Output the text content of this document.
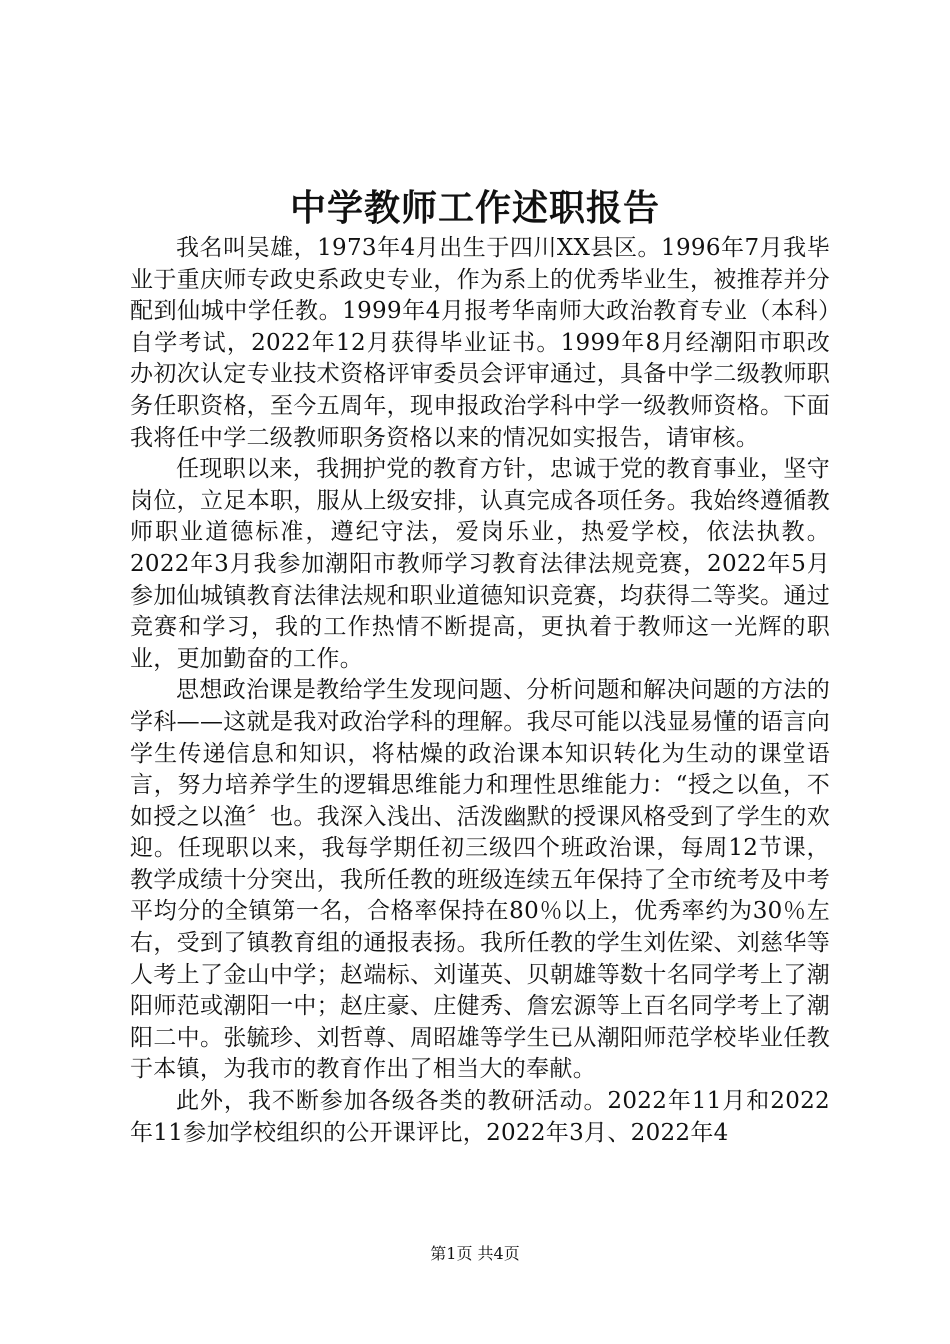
中学教师工作述职报告

我名叫吴雄，1973年4月出生于四川XX县区。1996年7月我毕业于重庆师专政史系政史专业，作为系上的优秀毕业生，被推荐并分配到仙城中学任教。1999年4月报考华南师大政治教育专业（本科）自学考试，2022年12月获得毕业证书。1999年8月经潮阳市职改办初次认定专业技术资格评审委员会评审通过，具备中学二级教师职务任职资格，至今五周年，现申报政治学科中学一级教师资格。下面我将任中学二级教师职务资格以来的情况如实报告，请审核。

任现职以来，我拥护党的教育方针，忠诚于党的教育事业，坚守岗位，立足本职，服从上级安排，认真完成各项任务。我始终遵循教师职业道德标准，遵纪守法，爱岗乐业，热爱学校，依法执教。2022年3月我参加潮阳市教师学习教育法律法规竞赛，2022年5月参加仙城镇教育法律法规和职业道德知识竞赛，均获得二等奖。通过竞赛和学习，我的工作热情不断提高，更执着于教师这一光辉的职业，更加勤奋的工作。

思想政治课是教给学生发现问题、分析问题和解决问题的方法的学科——这就是我对政治学科的理解。我尽可能以浅显易懂的语言向学生传递信息和知识，将枯燥的政治课本知识转化为生动的课堂语言，努力培养学生的逻辑思维能力和理性思维能力：“授之以鱼，不如授之以渔〞也。我深入浅出、活泼幽默的授课风格受到了学生的欢迎。任现职以来，我每学期任初三级四个班政治课，每周12节课，教学成绩十分突出，我所任教的班级连续五年保持了全市统考及中考平均分的全镇第一名，合格率保持在80％以上，优秀率约为30％左右，受到了镇教育组的通报表扬。我所任教的学生刘佐梁、刘慈华等人考上了金山中学；赵端标、刘谨英、贝朝雄等数十名同学考上了潮阳师范或潮阳一中；赵庄豪、庄健秀、詹宏源等上百名同学考上了潮阳二中。张毓珍、刘哲尊、周昭雄等学生已从潮阳师范学校毕业任教于本镇，为我市的教育作出了相当大的奉献。

此外，我不断参加各级各类的教研活动。2022年11月和2022年11参加学校组织的公开课评比，2022年3月、2022年4

第1页 共4页
